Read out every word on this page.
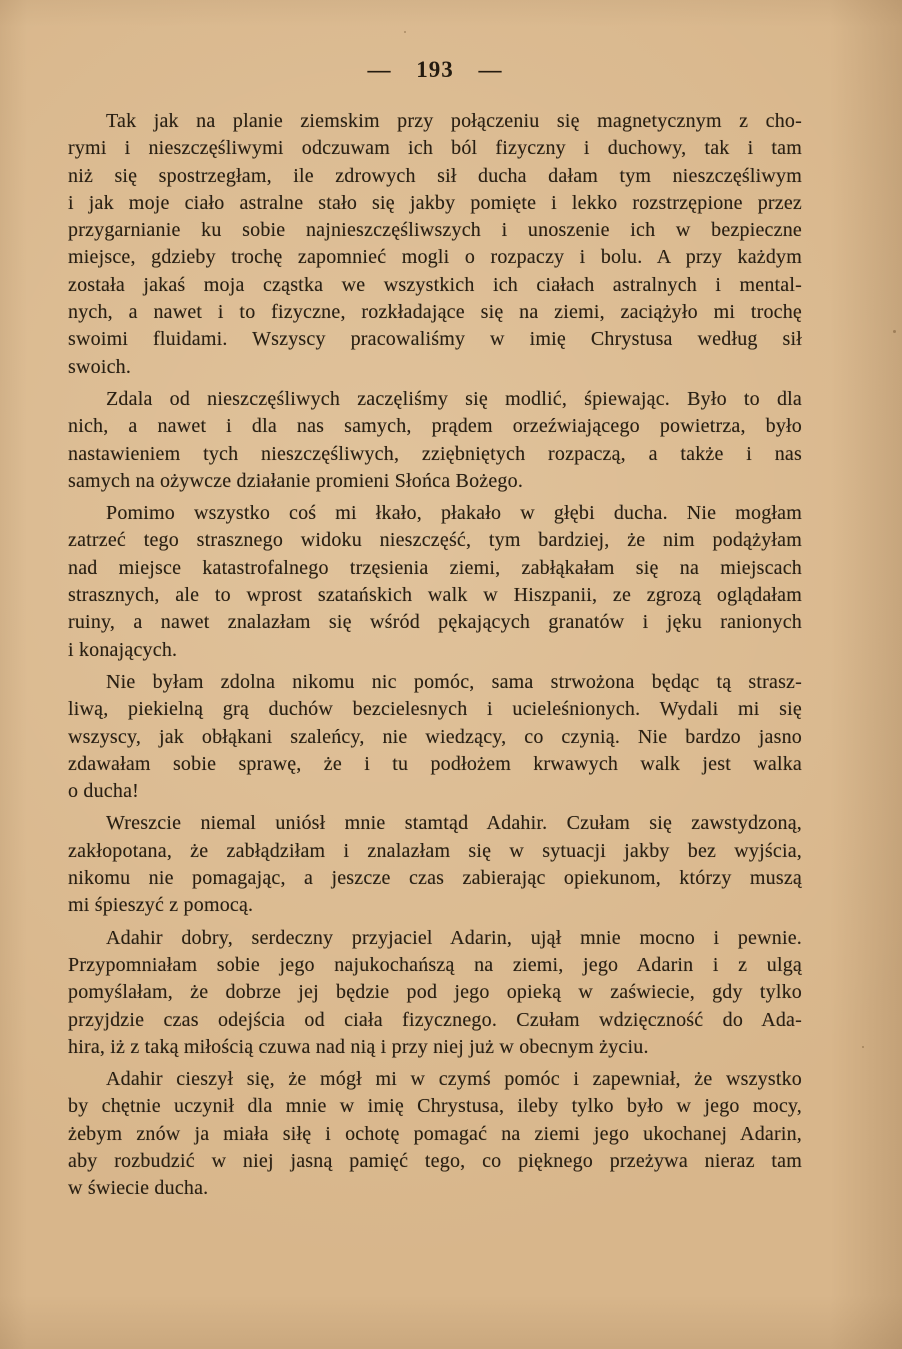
— 193 —
Tak jak na planie ziemskim przy połączeniu się magnetycznym z cho-
rymi i nieszczęśliwymi odczuwam ich ból fizyczny i duchowy, tak i tam
niż się spostrzegłam, ile zdrowych sił ducha dałam tym nieszczęśliwym
i jak moje ciało astralne stało się jakby pomięte i lekko rozstrzępione przez
przygarnianie ku sobie najnieszczęśliwszych i unoszenie ich w bezpieczne
miejsce, gdzieby trochę zapomnieć mogli o rozpaczy i bolu. A przy każdym
została jakaś moja cząstka we wszystkich ich ciałach astralnych i mental-
nych, a nawet i to fizyczne, rozkładające się na ziemi, zaciążyło mi trochę
swoimi fluidami. Wszyscy pracowaliśmy w imię Chrystusa według sił
swoich.
Zdala od nieszczęśliwych zaczęliśmy się modlić, śpiewając. Było to dla
nich, a nawet i dla nas samych, prądem orzeźwiającego powietrza, było
nastawieniem tych nieszczęśliwych, zziębniętych rozpaczą, a także i nas
samych na ożywcze działanie promieni Słońca Bożego.
Pomimo wszystko coś mi łkało, płakało w głębi ducha. Nie mogłam
zatrzeć tego strasznego widoku nieszczęść, tym bardziej, że nim podążyłam
nad miejsce katastrofalnego trzęsienia ziemi, zabłąkałam się na miejscach
strasznych, ale to wprost szatańskich walk w Hiszpanii, ze zgrozą oglądałam
ruiny, a nawet znalazłam się wśród pękających granatów i jęku ranionych
i konających.
Nie byłam zdolna nikomu nic pomóc, sama strwożona będąc tą strasz-
liwą, piekielną grą duchów bezcielesnych i ucieleśnionych. Wydali mi się
wszyscy, jak obłąkani szaleńcy, nie wiedzący, co czynią. Nie bardzo jasno
zdawałam sobie sprawę, że i tu podłożem krwawych walk jest walka
o ducha!
Wreszcie niemal uniósł mnie stamtąd Adahir. Czułam się zawstydzoną,
zakłopotana, że zabłądziłam i znalazłam się w sytuacji jakby bez wyjścia,
nikomu nie pomagając, a jeszcze czas zabierając opiekunom, którzy muszą
mi śpieszyć z pomocą.
Adahir dobry, serdeczny przyjaciel Adarin, ujął mnie mocno i pewnie.
Przypomniałam sobie jego najukochańszą na ziemi, jego Adarin i z ulgą
pomyślałam, że dobrze jej będzie pod jego opieką w zaświecie, gdy tylko
przyjdzie czas odejścia od ciała fizycznego. Czułam wdzięczność do Ada-
hira, iż z taką miłością czuwa nad nią i przy niej już w obecnym życiu.
Adahir cieszył się, że mógł mi w czymś pomóc i zapewniał, że wszystko
by chętnie uczynił dla mnie w imię Chrystusa, ileby tylko było w jego mocy,
żebym znów ja miała siłę i ochotę pomagać na ziemi jego ukochanej Adarin,
aby rozbudzić w niej jasną pamięć tego, co pięknego przeżywa nieraz tam
w świecie ducha.
